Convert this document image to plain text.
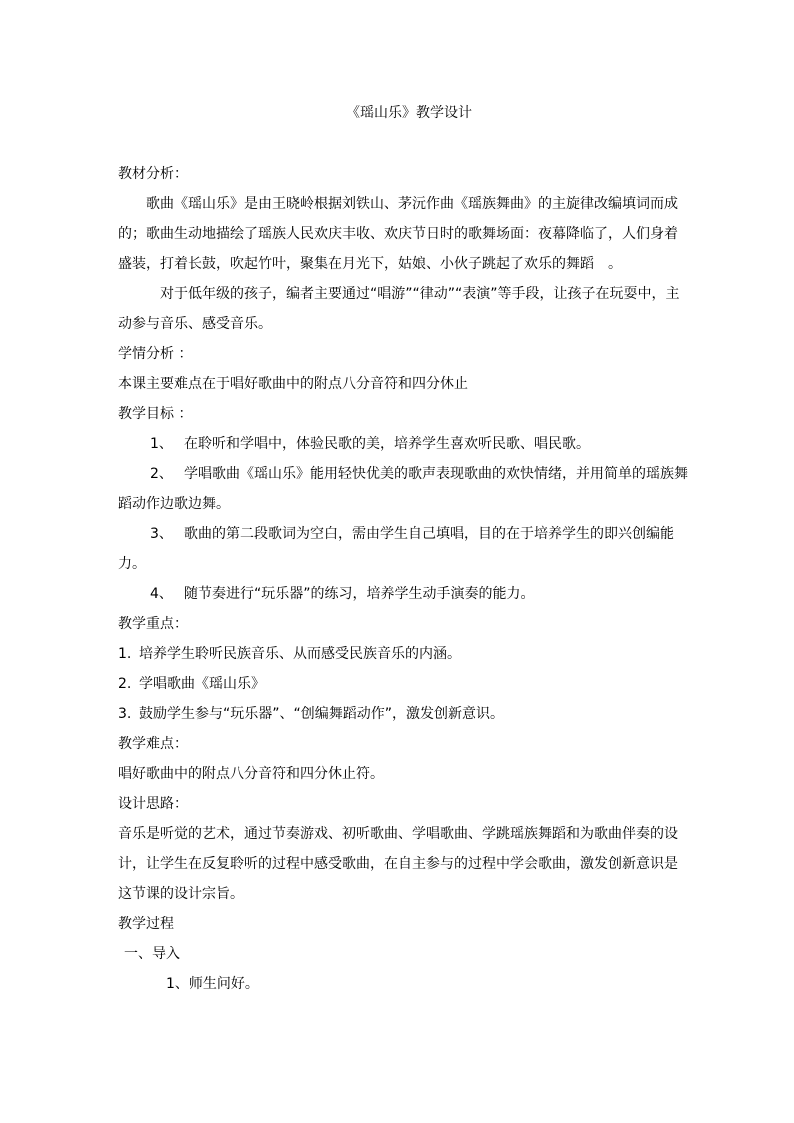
《瑶山乐》教学设计
教材分析：

歌曲《瑶山乐》是由王晓岭根据刘铁山、茅沅作曲《瑶族舞曲》的主旋律改编填词而成的；歌曲生动地描绘了瑶族人民欢庆丰收、欢庆节日时的歌舞场面：夜幕降临了，人们身着盛装，打着长鼓，吹起竹叶，聚集在月光下，姑娘、小伙子跳起了欢乐的舞蹈　。

对于低年级的孩子，编者主要通过“唱游”“律动”“表演”等手段，让孩子在玩耍中，主动参与音乐、感受音乐。

学情分析 ：
本课主要难点在于唱好歌曲中的附点八分音符和四分休止
教学目标 ：

1、 在聆听和学唱中，体验民歌的美，培养学生喜欢听民歌、唱民歌。

2、 学唱歌曲《瑶山乐》能用轻快优美的歌声表现歌曲的欢快情绪，并用简单的瑶族舞蹈动作边歌边舞。

3、 歌曲的第二段歌词为空白，需由学生自己填唱，目的在于培养学生的即兴创编能力。

4、 随节奏进行“玩乐器”的练习，培养学生动手演奏的能力。

教学重点：
1. 培养学生聆听民族音乐、从而感受民族音乐的内涵。
2. 学唱歌曲《瑶山乐》
3. 鼓励学生参与“玩乐器”、“创编舞蹈动作”，激发创新意识。
教学难点：
唱好歌曲中的附点八分音符和四分休止符。
设计思路：

音乐是听觉的艺术，通过节奏游戏、初听歌曲、学唱歌曲、学跳瑶族舞蹈和为歌曲伴奏的设计，让学生在反复聆听的过程中感受歌曲，在自主参与的过程中学会歌曲，激发创新意识是这节课的设计宗旨。

教学过程
一、导入
1、师生问好。
